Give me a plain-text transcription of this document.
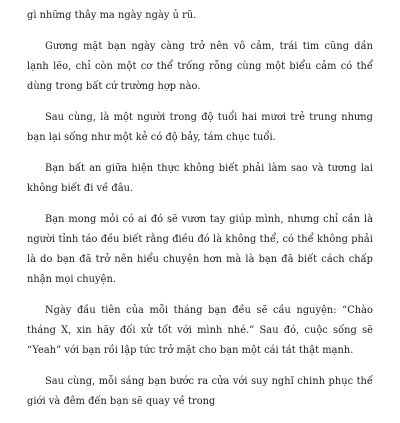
gì những thây ma ngày ngày ủ rũ.

Gương mặt bạn ngày càng trở nên vô cảm, trái tim cũng dần lạnh lẽo, chỉ còn một cơ thể trống rỗng cùng một biểu cảm có thể dùng trong bất cứ trường hợp nào.

Sau cùng, là một người trong độ tuổi hai mươi trẻ trung nhưng bạn lại sống như một kẻ có độ bảy, tám chục tuổi.

Bạn bất an giữa hiện thực không biết phải làm sao và tương lai không biết đi về đâu.

Bạn mong mỏi có ai đó sẽ vươn tay giúp mình, nhưng chỉ cần là người tỉnh táo đều biết rằng điều đó là không thể, có thể không phải là do bạn đã trở nên hiểu chuyện hơn mà là bạn đã biết cách chấp nhận mọi chuyện.

Ngày đầu tiên của mỗi tháng bạn đều sẽ cầu nguyện: “Chào tháng X, xin hãy đối xử tốt với mình nhé.” Sau đó, cuộc sống sẽ “Yeah” với bạn rồi lập tức trở mặt cho bạn một cái tát thật mạnh.

Sau cùng, mỗi sáng bạn bước ra cửa với suy nghĩ chinh phục thế giới và đêm đến bạn sẽ quay về trong
